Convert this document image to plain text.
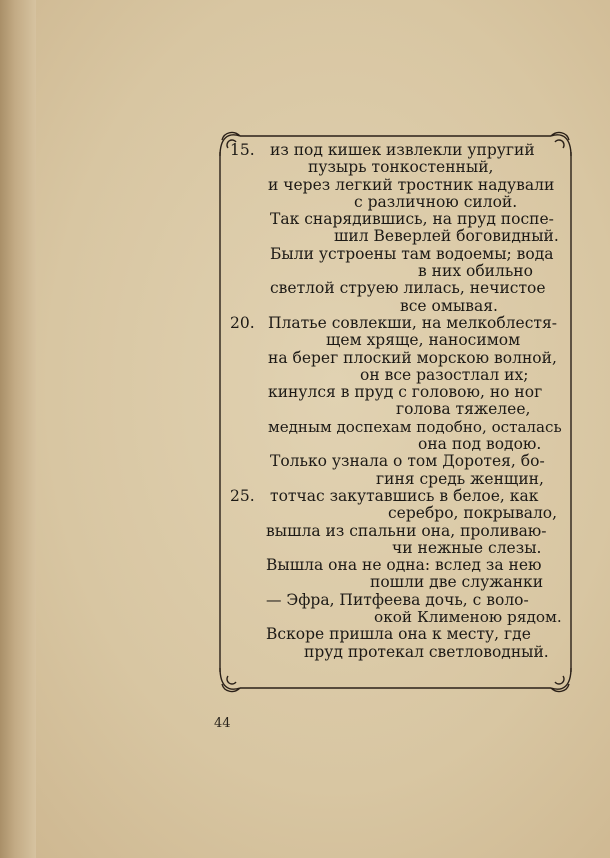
15. из под кишек извлекли упругий
пузырь тонкостенный,
и через легкий тростник надували
с различною силой.
Так снарядившись, на пруд поспе-
шил Веверлей боговидный.
Были устроены там водоемы; вода
в них обильно
светлой струею лилась, нечистое
все омывая.
20. Платье совлекши, на мелкоблестя-
щем хряще, наносимом
на берег плоский морскою волной,
он все разостлал их;
кинулся в пруд с головою, но ног
голова тяжелее,
медным доспехам подобно, осталась
она под водою.
Только узнала о том Доротея, бо-
гиня средь женщин,
25. тотчас закутавшись в белое, как
серебро, покрывало,
вышла из спальни она, проливаю-
чи нежные слезы.
Вышла она не одна: вслед за нею
пошли две служанки
— Эфра, Питфеева дочь, с воло-
окой Клименою рядом.
Вскоре пришла она к месту, где
пруд протекал светловодный.
44
